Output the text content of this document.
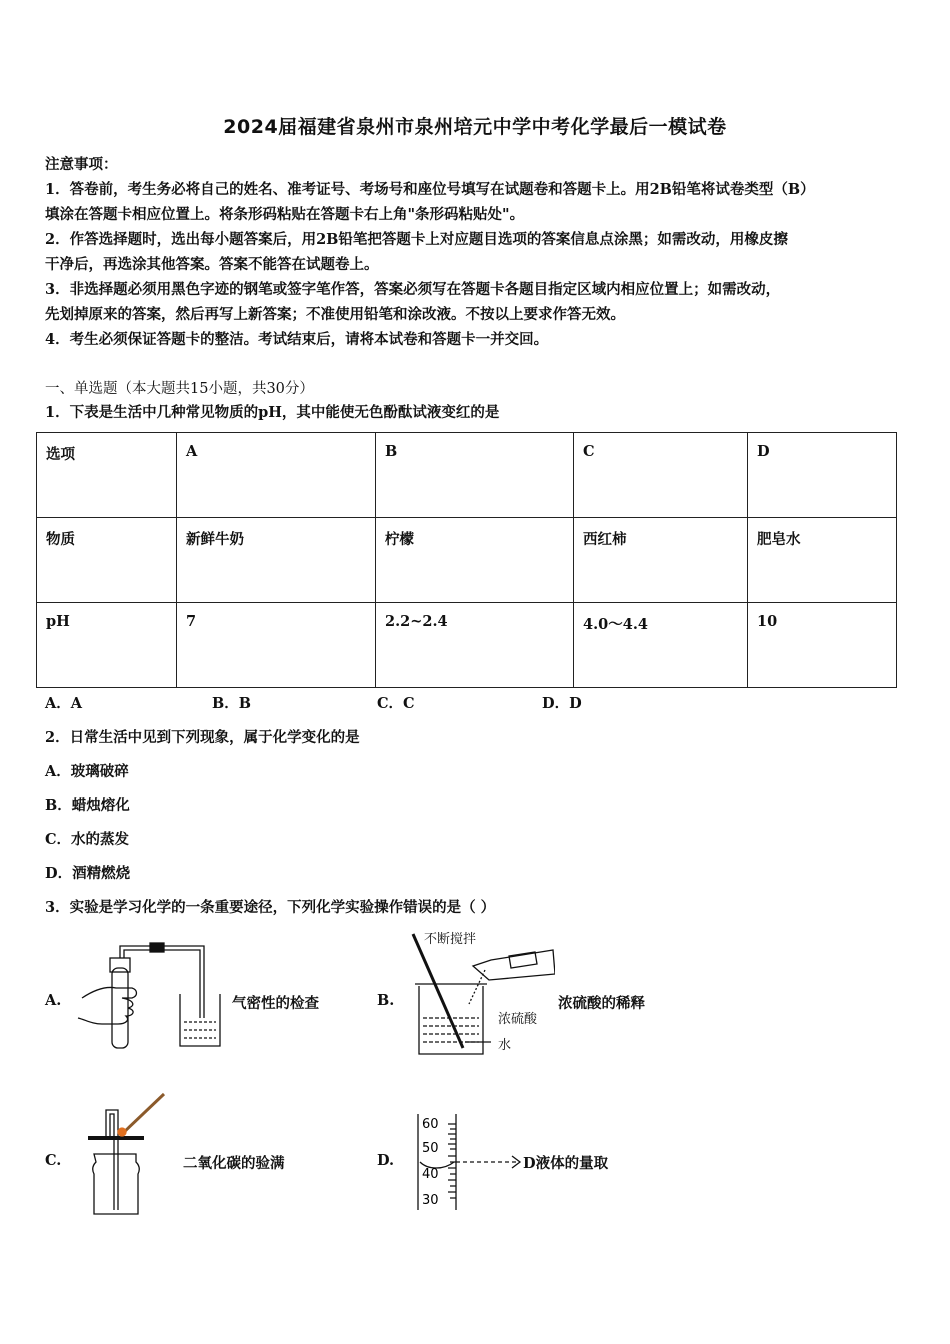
2024届福建省泉州市泉州培元中学中考化学最后一模试卷
注意事项：
1．答卷前，考生务必将自己的姓名、准考证号、考场号和座位号填写在试题卷和答题卡上。用2B铅笔将试卷类型（B）
填涂在答题卡相应位置上。将条形码粘贴在答题卡右上角"条形码粘贴处"。
2．作答选择题时，选出每小题答案后，用2B铅笔把答题卡上对应题目选项的答案信息点涂黑；如需改动，用橡皮擦
干净后，再选涂其他答案。答案不能答在试题卷上。
3．非选择题必须用黑色字迹的钢笔或签字笔作答，答案必须写在答题卡各题目指定区域内相应位置上；如需改动，
先划掉原来的答案，然后再写上新答案；不准使用铅笔和涂改液。不按以上要求作答无效。
4．考生必须保证答题卡的整洁。考试结束后，请将本试卷和答题卡一并交回。
一、单选题（本大题共15小题，共30分）
1．下表是生活中几种常见物质的pH，其中能使无色酚酞试液变红的是
选项	A	B	C	D
物质	新鲜牛奶	柠檬	西红柿	肥皂水
pH	7	2.2~2.4	4.0～4.4	10
A．A	B．B	C．C	D．D
2．日常生活中见到下列现象，属于化学变化的是
A．玻璃破碎
B．蜡烛熔化
C．水的蒸发
D．酒精燃烧
3．实验是学习化学的一条重要途径，下列化学实验操作错误的是（ ）
A.	气密性的检查	B.
不断搅拌
浓硫酸
水
浓硫酸的稀释
C.	二氧化碳的验满	D.
60
50
40
30
D液体的量取
